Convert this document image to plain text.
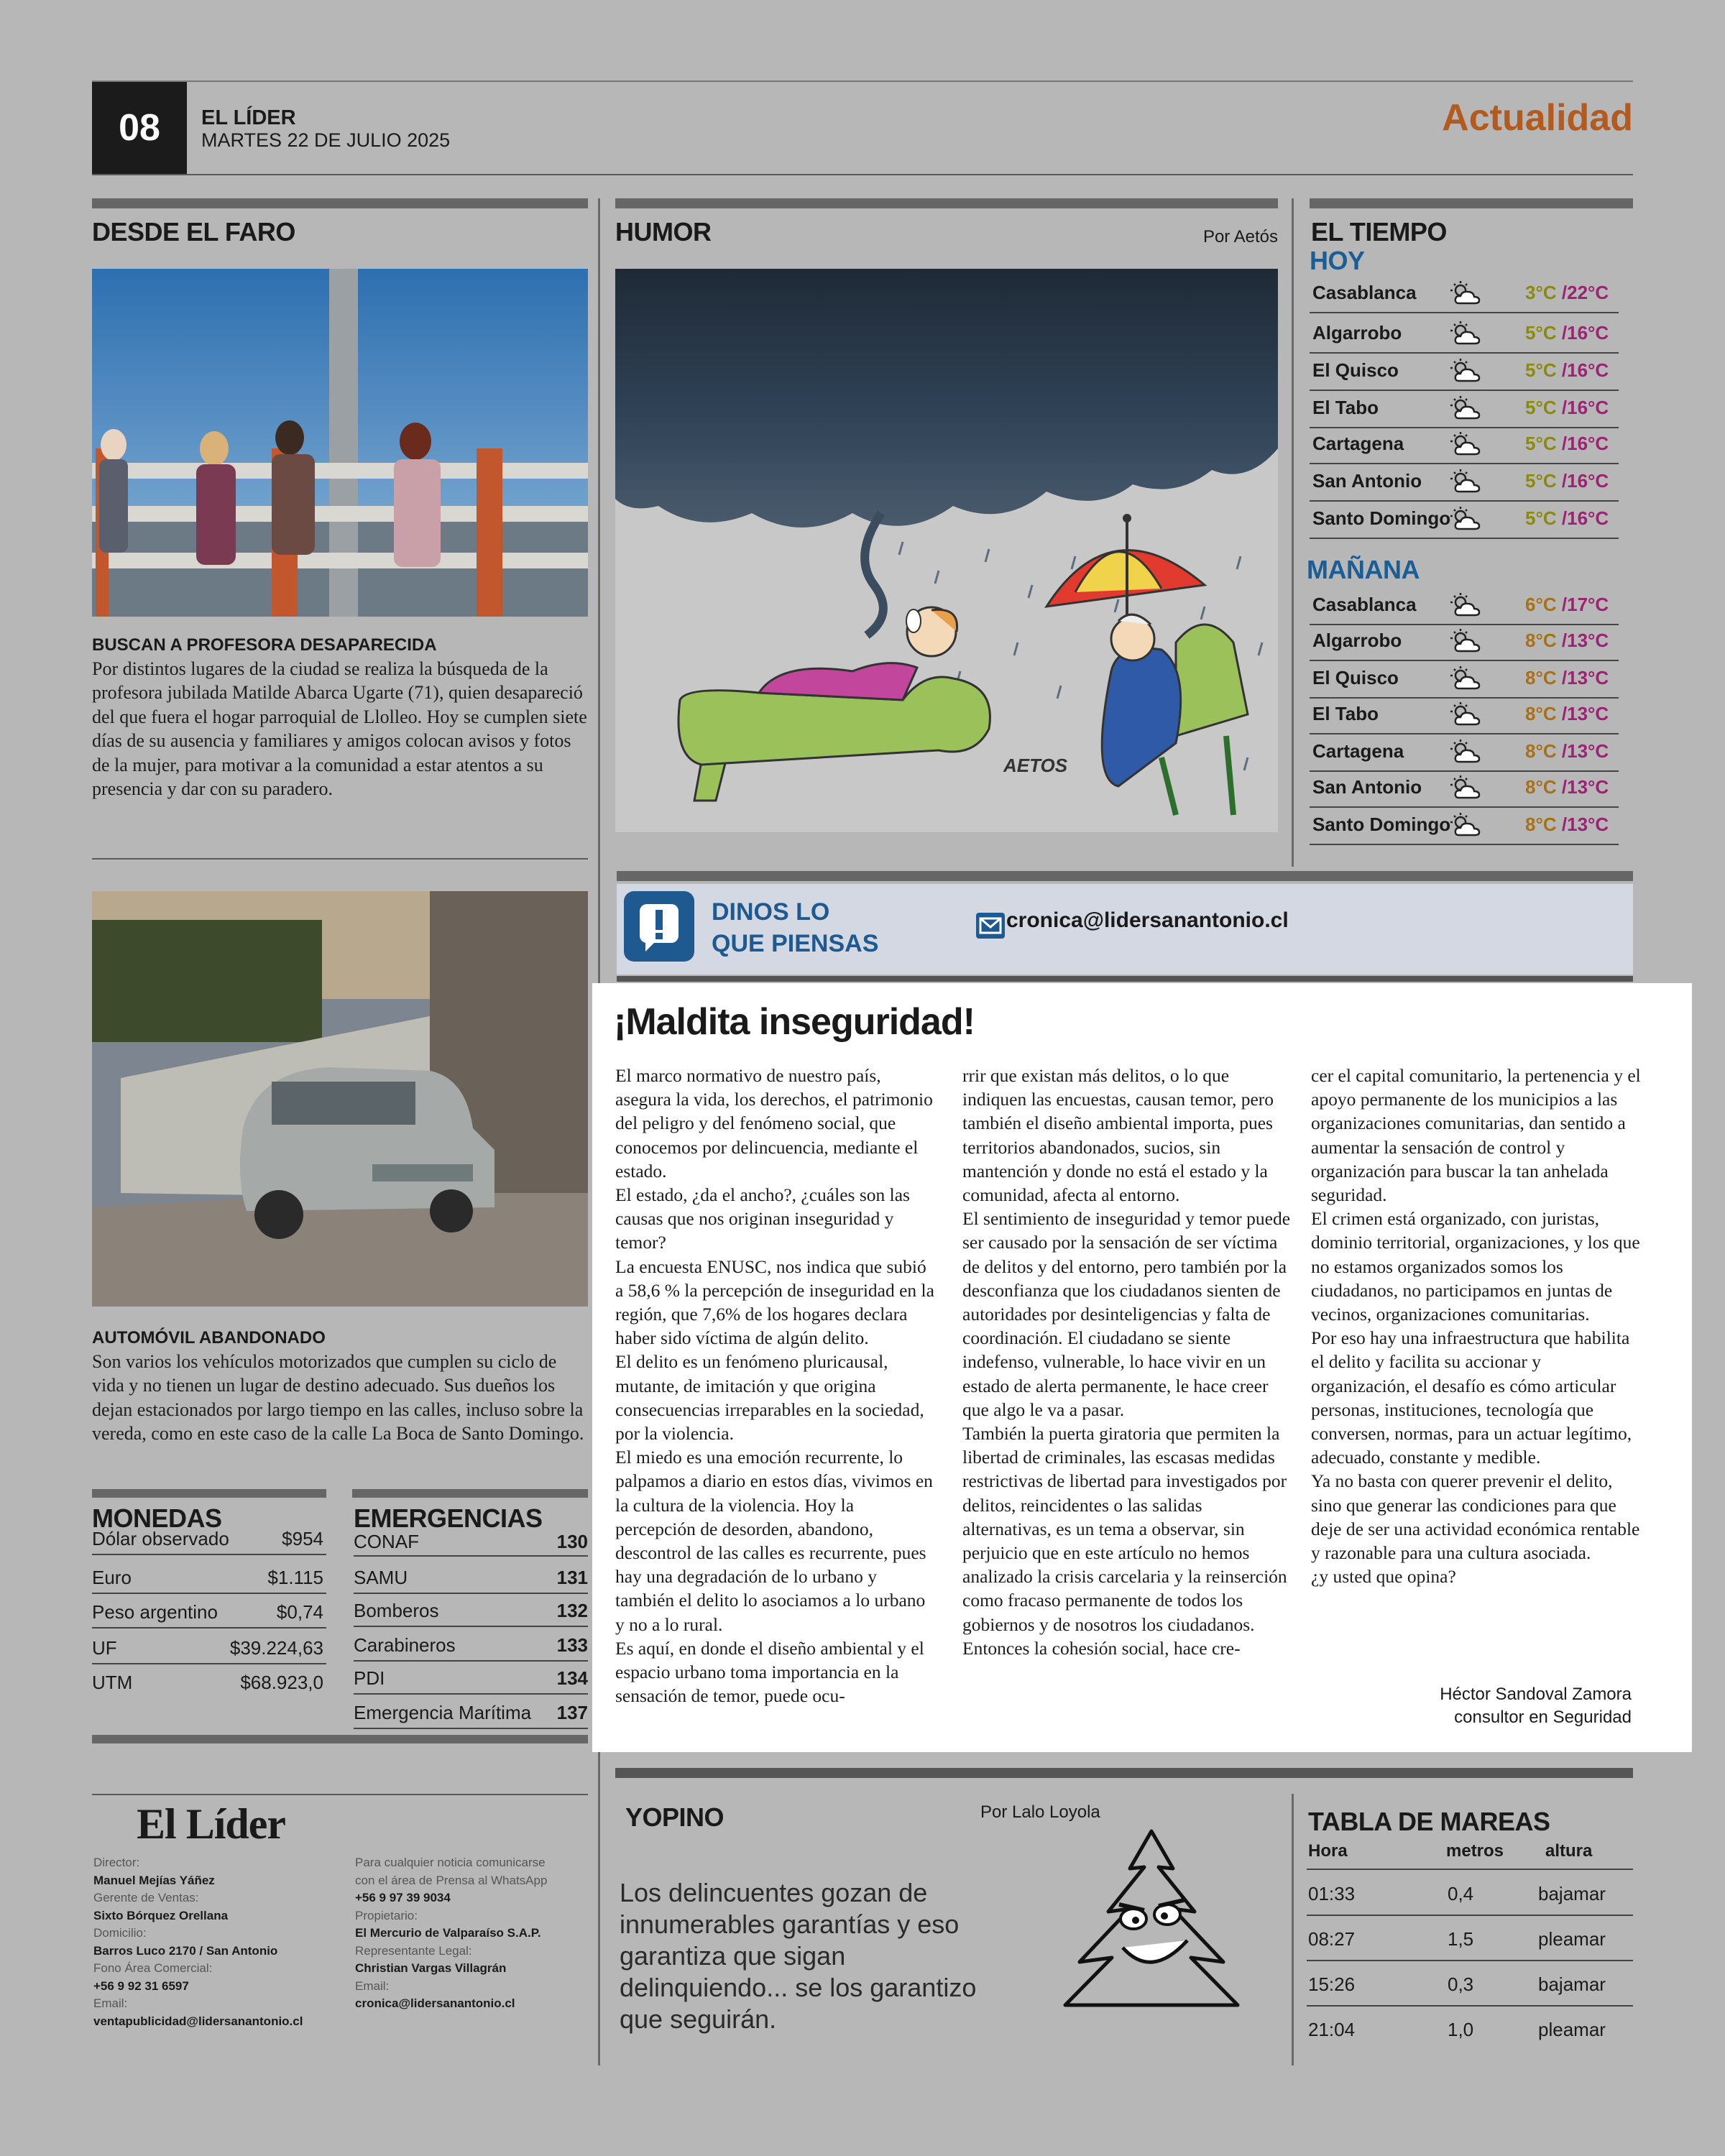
08 EL LÍDER
MARTES 22 DE JULIO 2025
Actualidad
DESDE EL FARO
BUSCAN A PROFESORA DESAPARECIDA
Por distintos lugares de la ciudad se realiza la búsqueda de la profesora jubilada Matilde Abarca Ugarte (71), quien desapareció del que fuera el hogar parroquial de Llolleo. Hoy se cumplen siete días de su ausencia y familiares y amigos colocan avisos y fotos de la mujer, para motivar a la comunidad a estar atentos a su presencia y dar con su paradero.
AUTOMÓVIL ABANDONADO
Son varios los vehículos motorizados que cumplen su ciclo de vida y no tienen un lugar de destino adecuado. Sus dueños los dejan estacionados por largo tiempo en las calles, incluso sobre la vereda, como en este caso de la calle La Boca de Santo Domingo.
MONEDAS
Dólar observado	$954
Euro	$1.115
Peso argentino	$0,74
UF	$39.224,63
UTM	$68.923,0
EMERGENCIAS
CONAF	130
SAMU	131
Bomberos	132
Carabineros	133
PDI	134
Emergencia Marítima 137
El Líder
Director:
Manuel Mejías Yáñez
Gerente de Ventas:
Sixto Bórquez Orellana
Domicilio:
Barros Luco 2170 / San Antonio
Fono Área Comercial:
+56 9 92 31 6597
Email:
ventapublicidad@lidersanantonio.cl
Para cualquier noticia comunicarse
con el área de Prensa al WhatsApp
+56 9 97 39 9034
Propietario:
El Mercurio de Valparaíso S.A.P.
Representante Legal:
Christian Vargas Villagrán
Email:
cronica@lidersanantonio.cl
HUMOR	Por Aetós
AETOS
EL TIEMPO
HOY
Casablanca	3°C /22°C
Algarrobo	5°C /16°C
El Quisco	5°C /16°C
El Tabo	5°C /16°C
Cartagena	5°C /16°C
San Antonio	5°C /16°C
Santo Domingo	5°C /16°C
MAÑANA
Casablanca	6°C /17°C
Algarrobo	8°C /13°C
El Quisco	8°C /13°C
El Tabo	8°C /13°C
Cartagena	8°C /13°C
San Antonio	8°C /13°C
Santo Domingo	8°C /13°C
DINOS LO
QUE PIENSAS
cronica@lidersanantonio.cl
¡Maldita inseguridad!

El marco normativo de nuestro país, asegura la vida, los derechos, el patrimonio del peligro y del fenómeno social, que conocemos por delincuencia, mediante el estado.

El estado, ¿da el ancho?, ¿cuáles son las causas que nos originan inseguridad y temor?

La encuesta ENUSC, nos indica que subió a 58,6 % la percepción de inseguridad en la región, que 7,6% de los hogares declara haber sido víctima de algún delito.

El delito es un fenómeno pluricausal, mutante, de imitación y que origina consecuencias irreparables en la sociedad, por la violencia.

El miedo es una emoción recurrente, lo palpamos a diario en estos días, vivimos en la cultura de la violencia. Hoy la percepción de desorden, abandono, descontrol de las calles es recurrente, pues hay una degradación de lo urbano y también el delito lo asociamos a lo urbano y no a lo rural.

Es aquí, en donde el diseño ambiental y el espacio urbano toma importancia en la sensación de temor, puede ocu-

rrir que existan más delitos, o lo que indiquen las encuestas, causan temor, pero también el diseño ambiental importa, pues territorios abandonados, sucios, sin mantención y donde no está el estado y la comunidad, afecta al entorno.

El sentimiento de inseguridad y temor puede ser causado por la sensación de ser víctima de delitos y del entorno, pero también por la desconfianza que los ciudadanos sienten de autoridades por desinteligencias y falta de coordinación. El ciudadano se siente indefenso, vulnerable, lo hace vivir en un estado de alerta permanente, le hace creer que algo le va a pasar.

También la puerta giratoria que permiten la libertad de criminales, las escasas medidas restrictivas de libertad para investigados por delitos, reincidentes o las salidas alternativas, es un tema a observar, sin perjuicio que en este artículo no hemos analizado la crisis carcelaria y la reinserción como fracaso permanente de todos los gobiernos y de nosotros los ciudadanos.

Entonces la cohesión social, hace cre-

cer el capital comunitario, la pertenencia y el apoyo permanente de los municipios a las organizaciones comunitarias, dan sentido a aumentar la sensación de control y organización para buscar la tan anhelada seguridad.

El crimen está organizado, con juristas, dominio territorial, organizaciones, y los que no estamos organizados somos los ciudadanos, no participamos en juntas de vecinos, organizaciones comunitarias.

Por eso hay una infraestructura que habilita el delito y facilita su accionar y organización, el desafío es cómo articular personas, instituciones, tecnología que conversen, normas, para un actuar legítimo, adecuado, constante y medible.

Ya no basta con querer prevenir el delito, sino que generar las condiciones para que deje de ser una actividad económica rentable y razonable para una cultura asociada.

¿y usted que opina?

Héctor Sandoval Zamora
consultor en Seguridad
YOPINO	Por Lalo Loyola
Los delincuentes gozan de innumerables garantías y eso garantiza que sigan delinquiendo... se los garantizo que seguirán.
TABLA DE MAREAS
Hora	metros altura
01:33	0,4	bajamar
08:27	1,5	pleamar
15:26	0,3	bajamar
21:04	1,0	pleamar
